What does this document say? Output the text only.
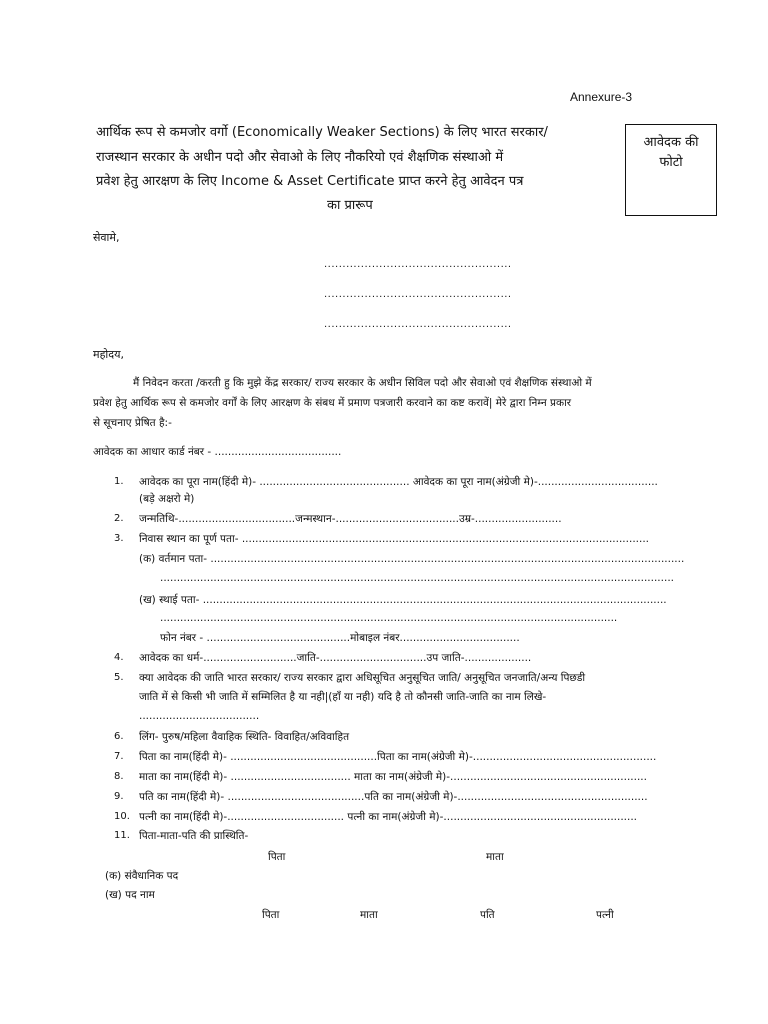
Annexure-3
आर्थिक रूप से कमजोर वर्गो (Economically Weaker Sections) के लिए भारत सरकार/
राजस्थान सरकार के अधीन पदो और सेवाओ के लिए नौकरियो एवं शैक्षणिक संस्थाओ में
प्रवेश हेतु आरक्षण के लिए Income & Asset Certificate प्राप्त करने हेतु आवेदन पत्र
का प्रारूप
आवेदक की
फोटो
सेवामे,
...................................................
...................................................
...................................................
महोदय,
मैं निवेदन करता /करती हु कि मुझे केंद्र सरकार/ राज्य सरकार के अधीन सिविल पदो और सेवाओ एवं शैक्षणिक संस्थाओ में
प्रवेश हेतु आर्थिक रूप से कमजोर वर्गों के लिए आरक्षण के संबध में प्रमाण पत्रजारी करवाने का कष्ट करावें| मेरे द्वारा निम्न प्रकार
से सूचनाए प्रेषित है:-
आवेदक का आधार कार्ड नंबर - ......................................
1. आवेदक का पूरा नाम(हिंदी मे)- ............................................. आवेदक का पूरा नाम(अंग्रेजी मे)-....................................
(बड़े अक्षरो मे)
2. जन्मतिथि-...................................जन्मस्थान-.....................................उम्र-..........................
3. निवास स्थान का पूर्ण पता- ..........................................................................................................................
(क) वर्तमान पता- ..............................................................................................................................................
..........................................................................................................................................................
(ख) स्थाई पता- ...........................................................................................................................................
.........................................................................................................................................
फोन नंबर - ...........................................मोबाइल नंबर....................................
4. आवेदक का धर्म-............................जाति-................................उप जाति-....................
5. क्या आवेदक की जाति भारत सरकार/ राज्य सरकार द्वारा अधिसूचित अनुसूचित जाति/ अनुसूचित जनजाति/अन्य पिछडी
जाति में से किसी भी जाति में सम्मिलित है या नही|(हाँ या नही) यदि है तो कौनसी जाति-जाति का नाम लिखे-
....................................
6. लिंग- पुरुष/महिला वैवाहिक स्थिति- विवाहित/अविवाहित
7. पिता का नाम(हिंदी मे)- ............................................पिता का नाम(अंग्रेजी मे)-.......................................................
8. माता का नाम(हिंदी मे)- .................................... माता का नाम(अंग्रेजी मे)-...........................................................
9. पति का नाम(हिंदी मे)- .........................................पति का नाम(अंग्रेजी मे)-.........................................................
10. पत्नी का नाम(हिंदी मे)-................................... पत्नी का नाम(अंग्रेजी मे)-..........................................................
11. पिता-माता-पति की प्रास्थिति-
पिता	माता
(क) संवैधानिक पद
(ख) पद नाम
पिता	माता	पति	पत्नी
